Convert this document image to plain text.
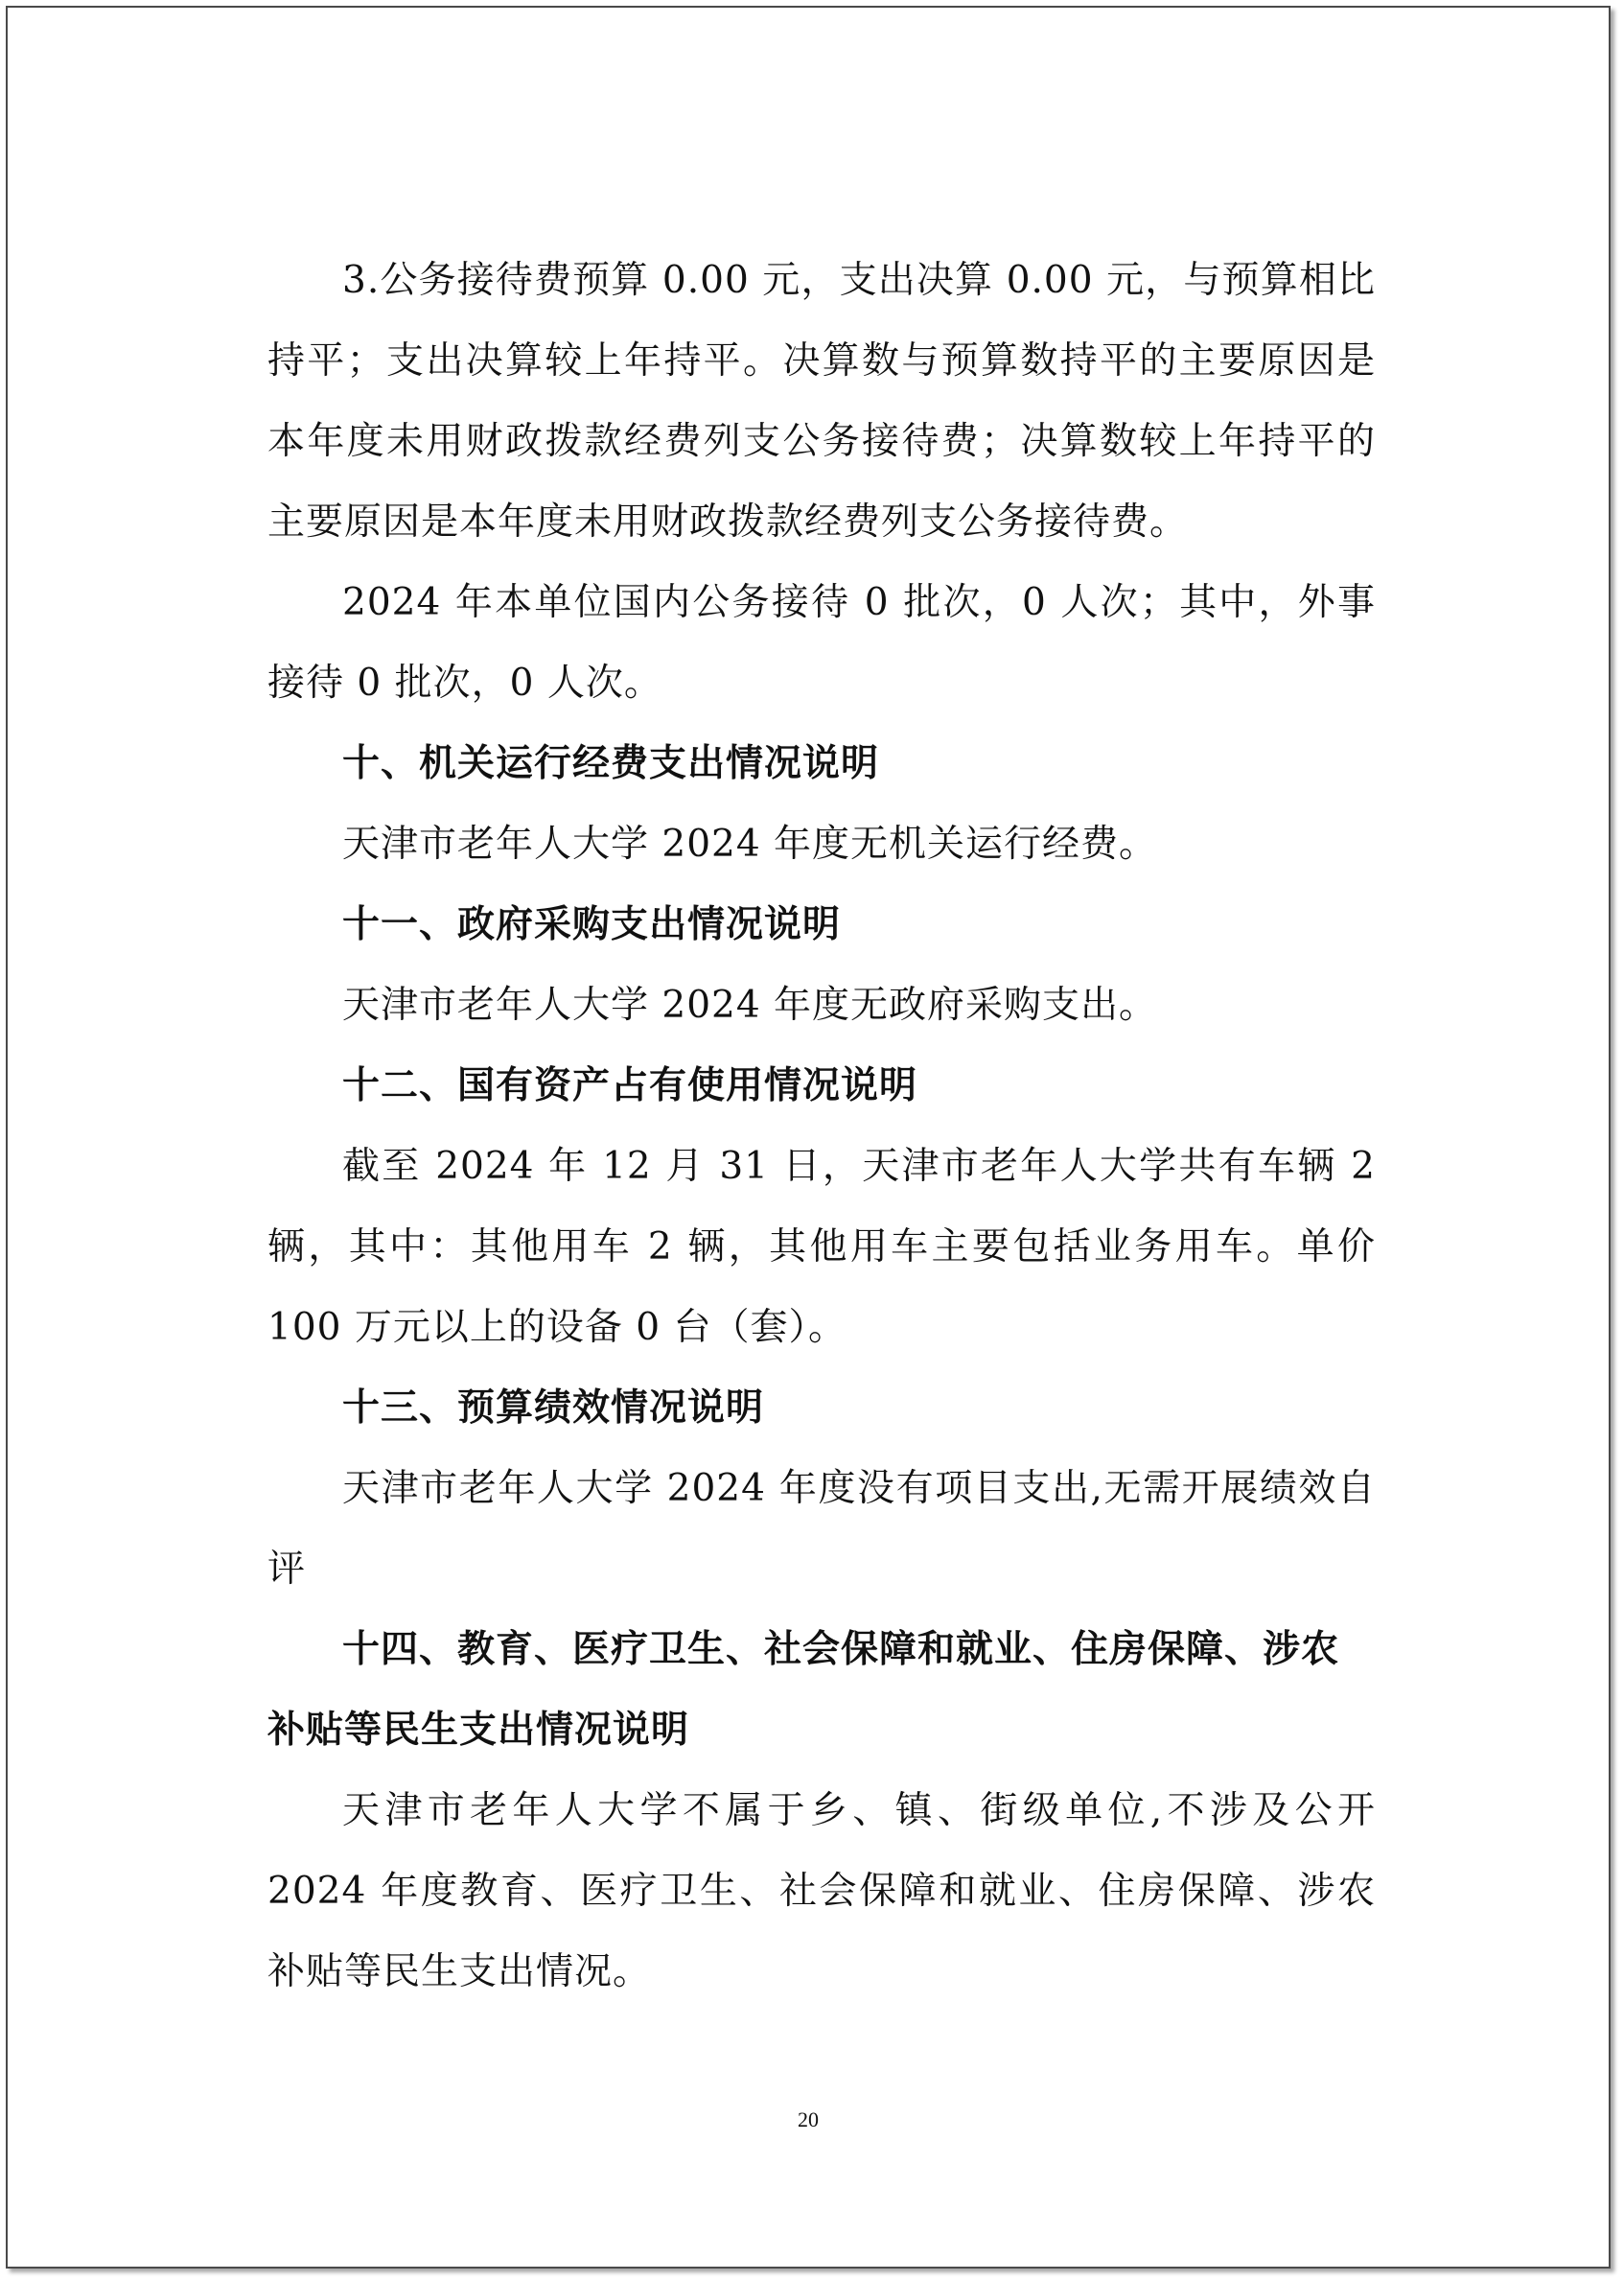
3.公务接待费预算 0.00 元，支出决算 0.00 元，与预算相比持平；支出决算较上年持平。决算数与预算数持平的主要原因是本年度未用财政拨款经费列支公务接待费；决算数较上年持平的主要原因是本年度未用财政拨款经费列支公务接待费。

2024 年本单位国内公务接待 0 批次，0 人次；其中，外事接待 0 批次，0 人次。

十、机关运行经费支出情况说明

天津市老年人大学 2024 年度无机关运行经费。

十一、政府采购支出情况说明

天津市老年人大学 2024 年度无政府采购支出。

十二、国有资产占有使用情况说明

截至 2024 年 12 月 31 日，天津市老年人大学共有车辆 2 辆，其中：其他用车 2 辆，其他用车主要包括业务用车。单价 100 万元以上的设备 0 台（套）。

十三、预算绩效情况说明

天津市老年人大学 2024 年度没有项目支出,无需开展绩效自评

十四、教育、医疗卫生、社会保障和就业、住房保障、涉农补贴等民生支出情况说明

天津市老年人大学不属于乡、镇、街级单位,不涉及公开 2024 年度教育、医疗卫生、社会保障和就业、住房保障、涉农补贴等民生支出情况。

20
